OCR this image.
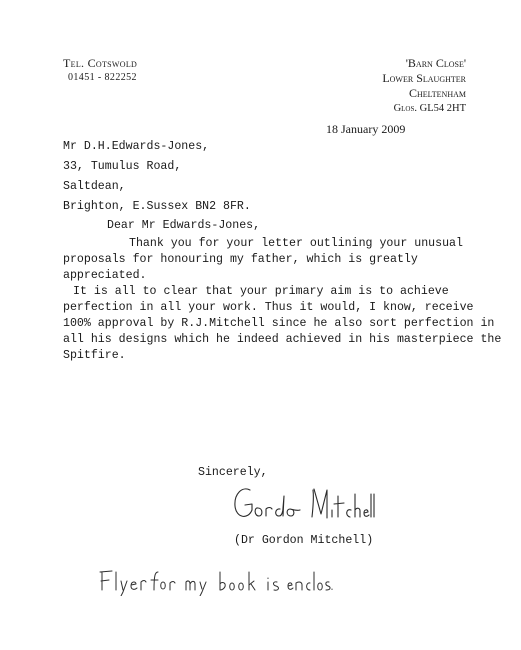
Tel. Cotswold
01451 - 822252
'Barn Close'
Lower Slaughter
Cheltenham
Glos. GL54 2HT
18 January 2009
Mr D.H.Edwards-Jones,
33, Tumulus Road,
Saltdean,
Brighton, E.Sussex BN2 8FR.
Dear Mr Edwards-Jones,

Thank you for your letter outlining your unusual proposals for honouring my father, which is greatly appreciated.

It is all to clear that your primary aim is to achieve perfection in all your work. Thus it would, I know, receive 100% approval by R.J.Mitchell since he also sort perfection in all his designs which he indeed achieved in his masterpiece the Spitfire.

Sincerely,
(Dr Gordon Mitchell)
